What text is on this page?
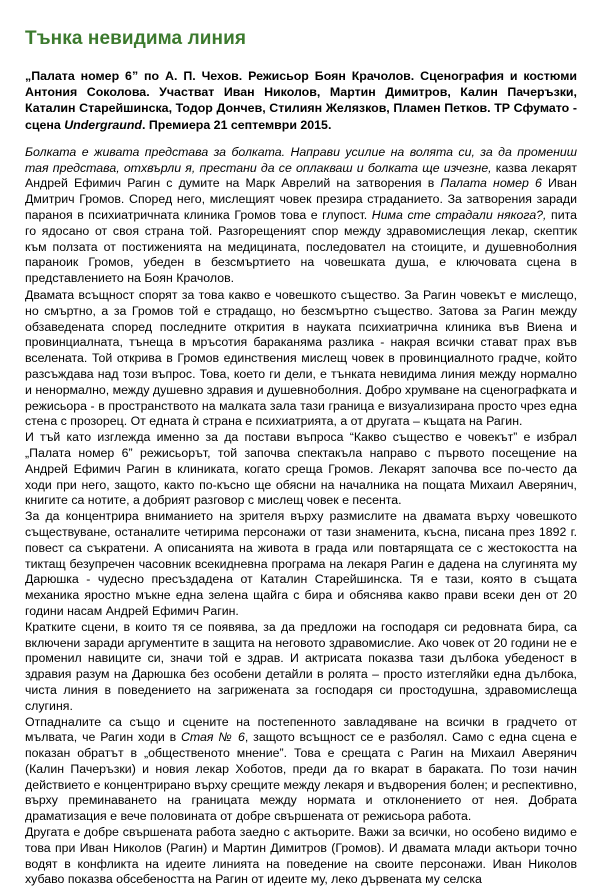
Тънка невидима линия
„Палата номер 6” по А. П. Чехов. Режисьор Боян Крачолов. Сценография и костюми Антония Соколова. Участват Иван Николов, Мартин Димитров, Калин Пачеръзки, Каталин Старейшинска, Тодор Дончев, Стилиян Желязков, Пламен Петков. ТР Сфумато - сцена Undergraund. Премиера 21 септември 2015.

Болката е живата представа за болката. Направи усилие на волята си, за да промениш тая представа, отхвърли я, престани да се оплакваш и болката ще изчезне, казва лекарят Андрей Ефимич Рагин с думите на Марк Аврелий на затворения в Палата номер 6 Иван Дмитрич Громов. Според него, мислещият човек презира страданието. За затворения заради параноя в психиатричната клиника Громов това е глупост. Нима сте страдали някога?, пита го ядосано от своя страна той. Разгорещеният спор между здравомислещия лекар, скептик към ползата от постиженията на медицината, последовател на стоиците, и душевноболния параноик Громов, убеден в безсмъртието на човешката душа, е ключовата сцена в представлението на Боян Крачолов.

Двамата всъщност спорят за това какво е човешкото същество. За Рагин човекът е мислещо, но смъртно, а за Громов той е страдащо, но безсмъртно същество. Затова за Рагин между обзаведената според последните открития в науката психиатрична клиника във Виена и провинциалната, тънеща в мръсотия бараканяма разлика - накрая всички стават прах във вселената. Той открива в Громов единствения мислещ човек в провинциалното градче, който разсъждава над този въпрос. Това, което ги дели, е тънката невидима линия между нормално и ненормално, между душевно здравия и душевноболния. Добро хрумване на сценографката и режисьора - в пространството на малката зала тази граница е визуализирана просто чрез една стена с прозорец. От едната ѝ страна е психиатрията, а от другата – къщата на Рагин.

И тъй като изглежда именно за да постави въпроса “Какво същество е човекът” е избрал „Палата номер 6” режисьорът, той започва спектакъла направо с първото посещение на Андрей Ефимич Рагин в клиниката, когато среща Громов. Лекарят започва все по-често да ходи при него, защото, както по-късно ще обясни на началника на пощата Михаил Аверянич, книгите са нотите, а добрият разговор с мислещ човек е песента.

За да концентрира вниманието на зрителя върху размислите на двамата върху човешкото съществуване, останалите четирима персонажи от тази знаменита, късна, писана през 1892 г. повест са съкратени. А описанията на живота в града или повтарящата се с жестокостта на тиктащ безупречен часовник всекидневна програма на лекаря Рагин е дадена на слугинята му Дарюшка - чудесно пресъздадена от Каталин Старейшинска. Тя е тази, която в същата механика яростно мъкне една зелена щайга с бира и обяснява какво прави всеки ден от 20 години насам Андрей Ефимич Рагин.

Кратките сцени, в които тя се появява, за да предложи на господаря си редовната бира, са включени заради аргументите в защита на неговото здравомислие. Ако човек от 20 години не е променил навиците си, значи той е здрав. И актрисата показва тази дълбока убеденост в здравия разум на Дарюшка без особени детайли в ролята – просто изтегляйки една дълбока, чиста линия в поведението на загрижената за господаря си простодушна, здравомислеща слугиня.

Отпадналите са също и сцените на постепенното завладяване на всички в градчето от мълвата, че Рагин ходи в Стая № 6, защото всъщност се е разболял. Само с една сцена е показан обратът в „общественото мнение”. Това е срещата с Рагин на Михаил Аверянич (Калин Пачеръзки) и новия лекар Хоботов, преди да го вкарат в бараката. По този начин действието е концентрирано върху срещите между лекаря и въдворения болен; и респективно, върху преминаването на границата между нормата и отклонението от нея. Добрата драматизация е вече половината от добре свършената от режисьора работа.

Другата е добре свършената работа заедно с актьорите. Важи за всички, но особено видимо е това при Иван Николов (Рагин) и Мартин Димитров (Громов). И двамата млади актьори точно водят в конфликта на идеите линията на поведение на своите персонажи. Иван Николов хубаво показва обсебеността на Рагин от идеите му, леко дървената му селска
